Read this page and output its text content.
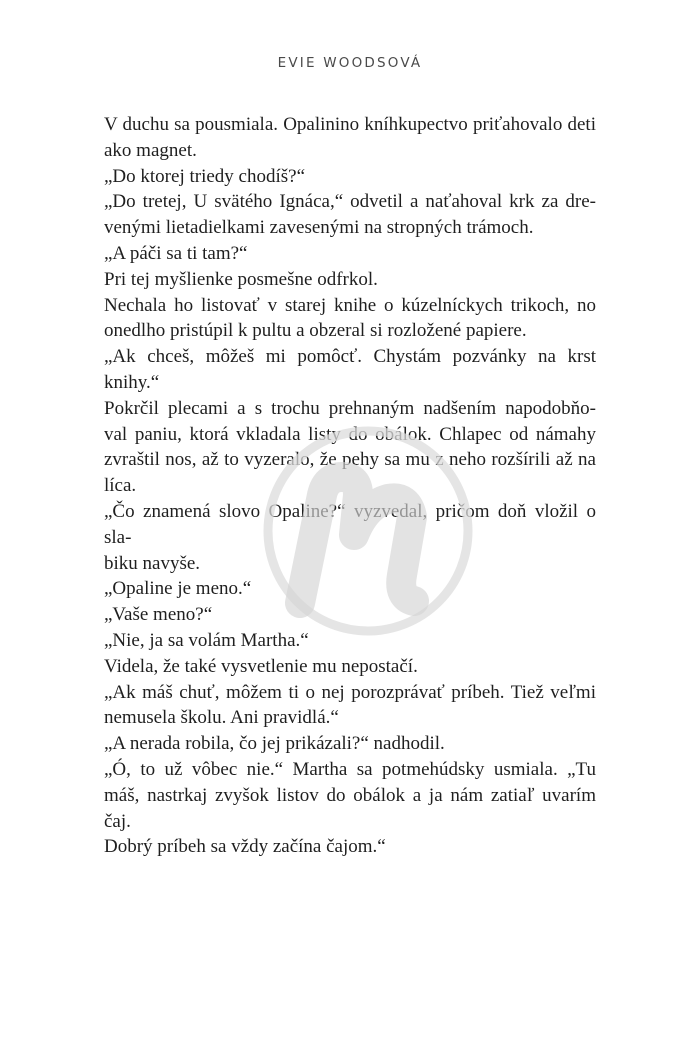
EVIE WOODSOVÁ

V duchu sa pousmiala. Opalinino kníhkupectvo priťahovalo deti
ako magnet.

„Do ktorej triedy chodíš?“

„Do tretej, U svätého Ignáca,“ odvetil a naťahoval krk za dre-
venými lietadielkami zavesenými na stropných trámoch.

„A páči sa ti tam?“

Pri tej myšlienke posmešne odfrkol.

Nechala ho listovať v starej knihe o kúzelníckych trikoch, no
onedlho pristúpil k pultu a obzeral si rozložené papiere.

„Ak chceš, môžeš mi pomôcť. Chystám pozvánky na krst
knihy.“

Pokrčil plecami a s trochu prehnaným nadšením napodobňo-
val paniu, ktorá vkladala listy do obálok. Chlapec od námahy
zvraštil nos, až to vyzeralo, že pehy sa mu z neho rozšírili až na
líca.

„Čo znamená slovo Opaline?“ vyzvedal, pričom doň vložil o sla-
biku navyše.

„Opaline je meno.“

„Vaše meno?“

„Nie, ja sa volám Martha.“

Videla, že také vysvetlenie mu nepostačí.

„Ak máš chuť, môžem ti o nej porozprávať príbeh. Tiež veľmi
nemusela školu. Ani pravidlá.“

„A nerada robila, čo jej prikázali?“ nadhodil.

„Ó, to už vôbec nie.“ Martha sa potmehúdsky usmiala. „Tu
máš, nastrkaj zvyšok listov do obálok a ja nám zatiaľ uvarím čaj.
Dobrý príbeh sa vždy začína čajom.“
